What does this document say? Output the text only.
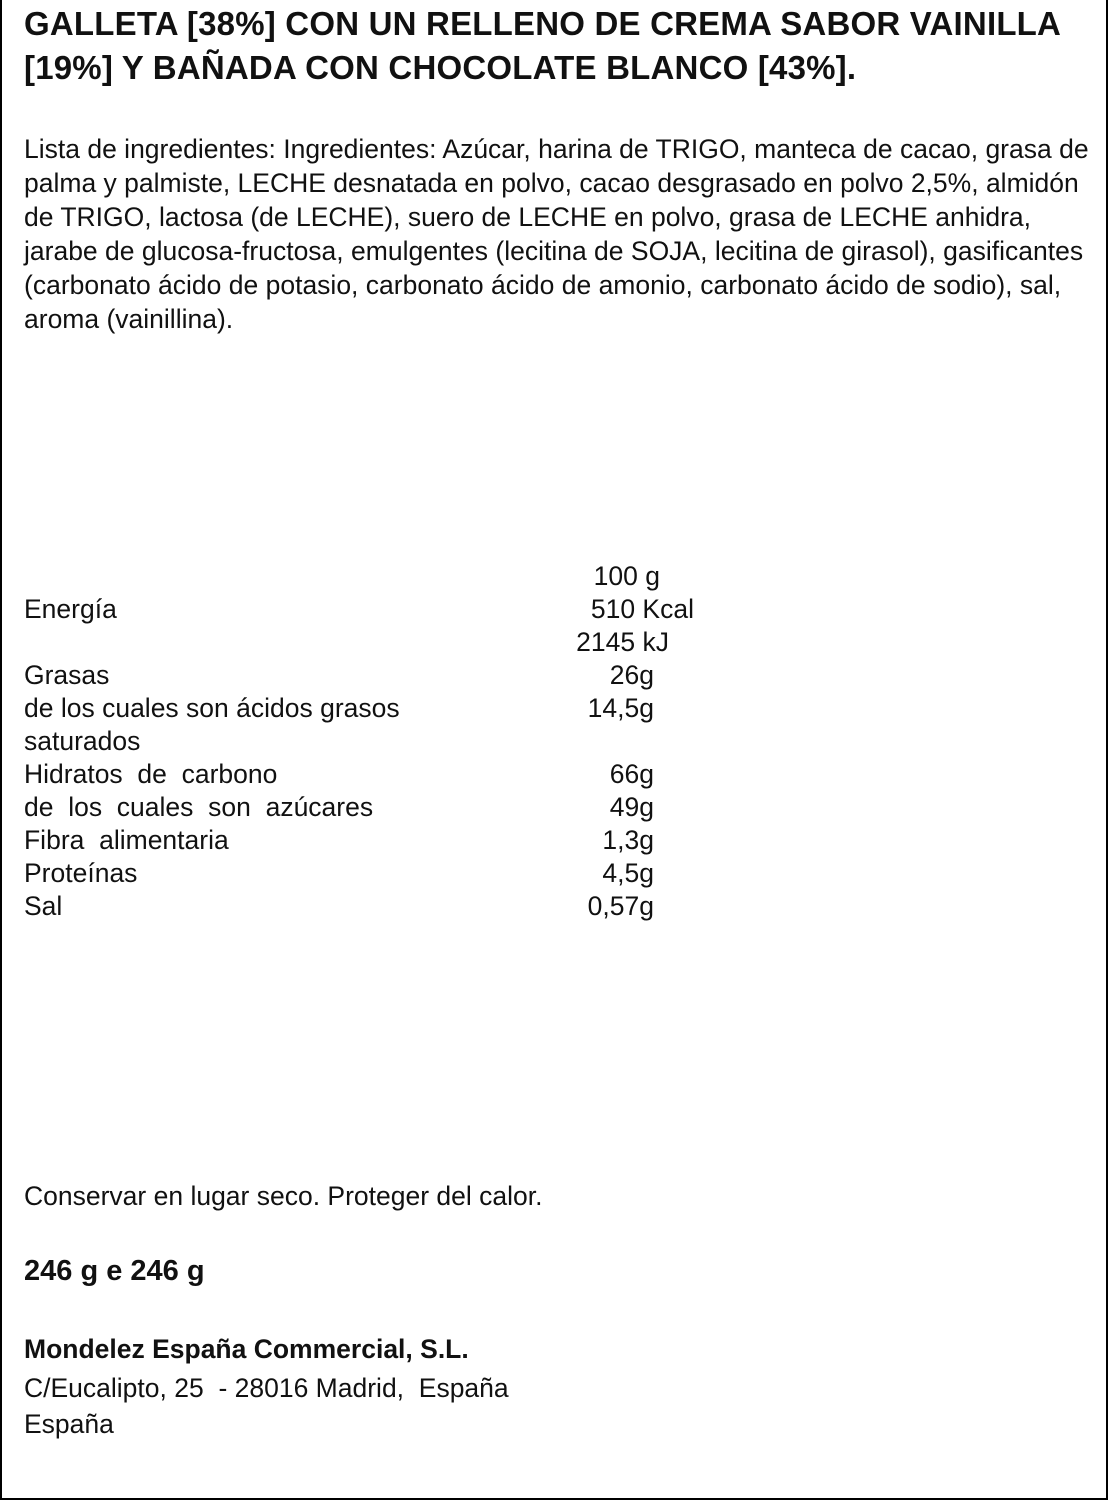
GALLETA [38%] CON UN RELLENO DE CREMA SABOR VAINILLA [19%] Y BAÑADA CON CHOCOLATE BLANCO [43%].

Lista de ingredientes: Ingredientes: Azúcar, harina de TRIGO, manteca de cacao, grasa de palma y palmiste, LECHE desnatada en polvo, cacao desgrasado en polvo 2,5%, almidón de TRIGO, lactosa (de LECHE), suero de LECHE en polvo, grasa de LECHE anhidra, jarabe de glucosa-fructosa, emulgentes (lecitina de SOJA, lecitina de girasol), gasificantes (carbonato ácido de potasio, carbonato ácido de amonio, carbonato ácido de sodio), sal, aroma (vainillina).

100 g
Energía	510 Kcal
2145 kJ
Grasas	26g
de los cuales son ácidos grasos	14,5g
saturados
Hidratos  de  carbono	66g
de  los  cuales  son  azúcares	49g
Fibra  alimentaria	1,3g
Proteínas	4,5g
Sal	0,57g

Conservar en lugar seco. Proteger del calor.

246 g e 246 g

Mondelez España Commercial, S.L.

C/Eucalipto, 25  - 28016 Madrid,  España
España
